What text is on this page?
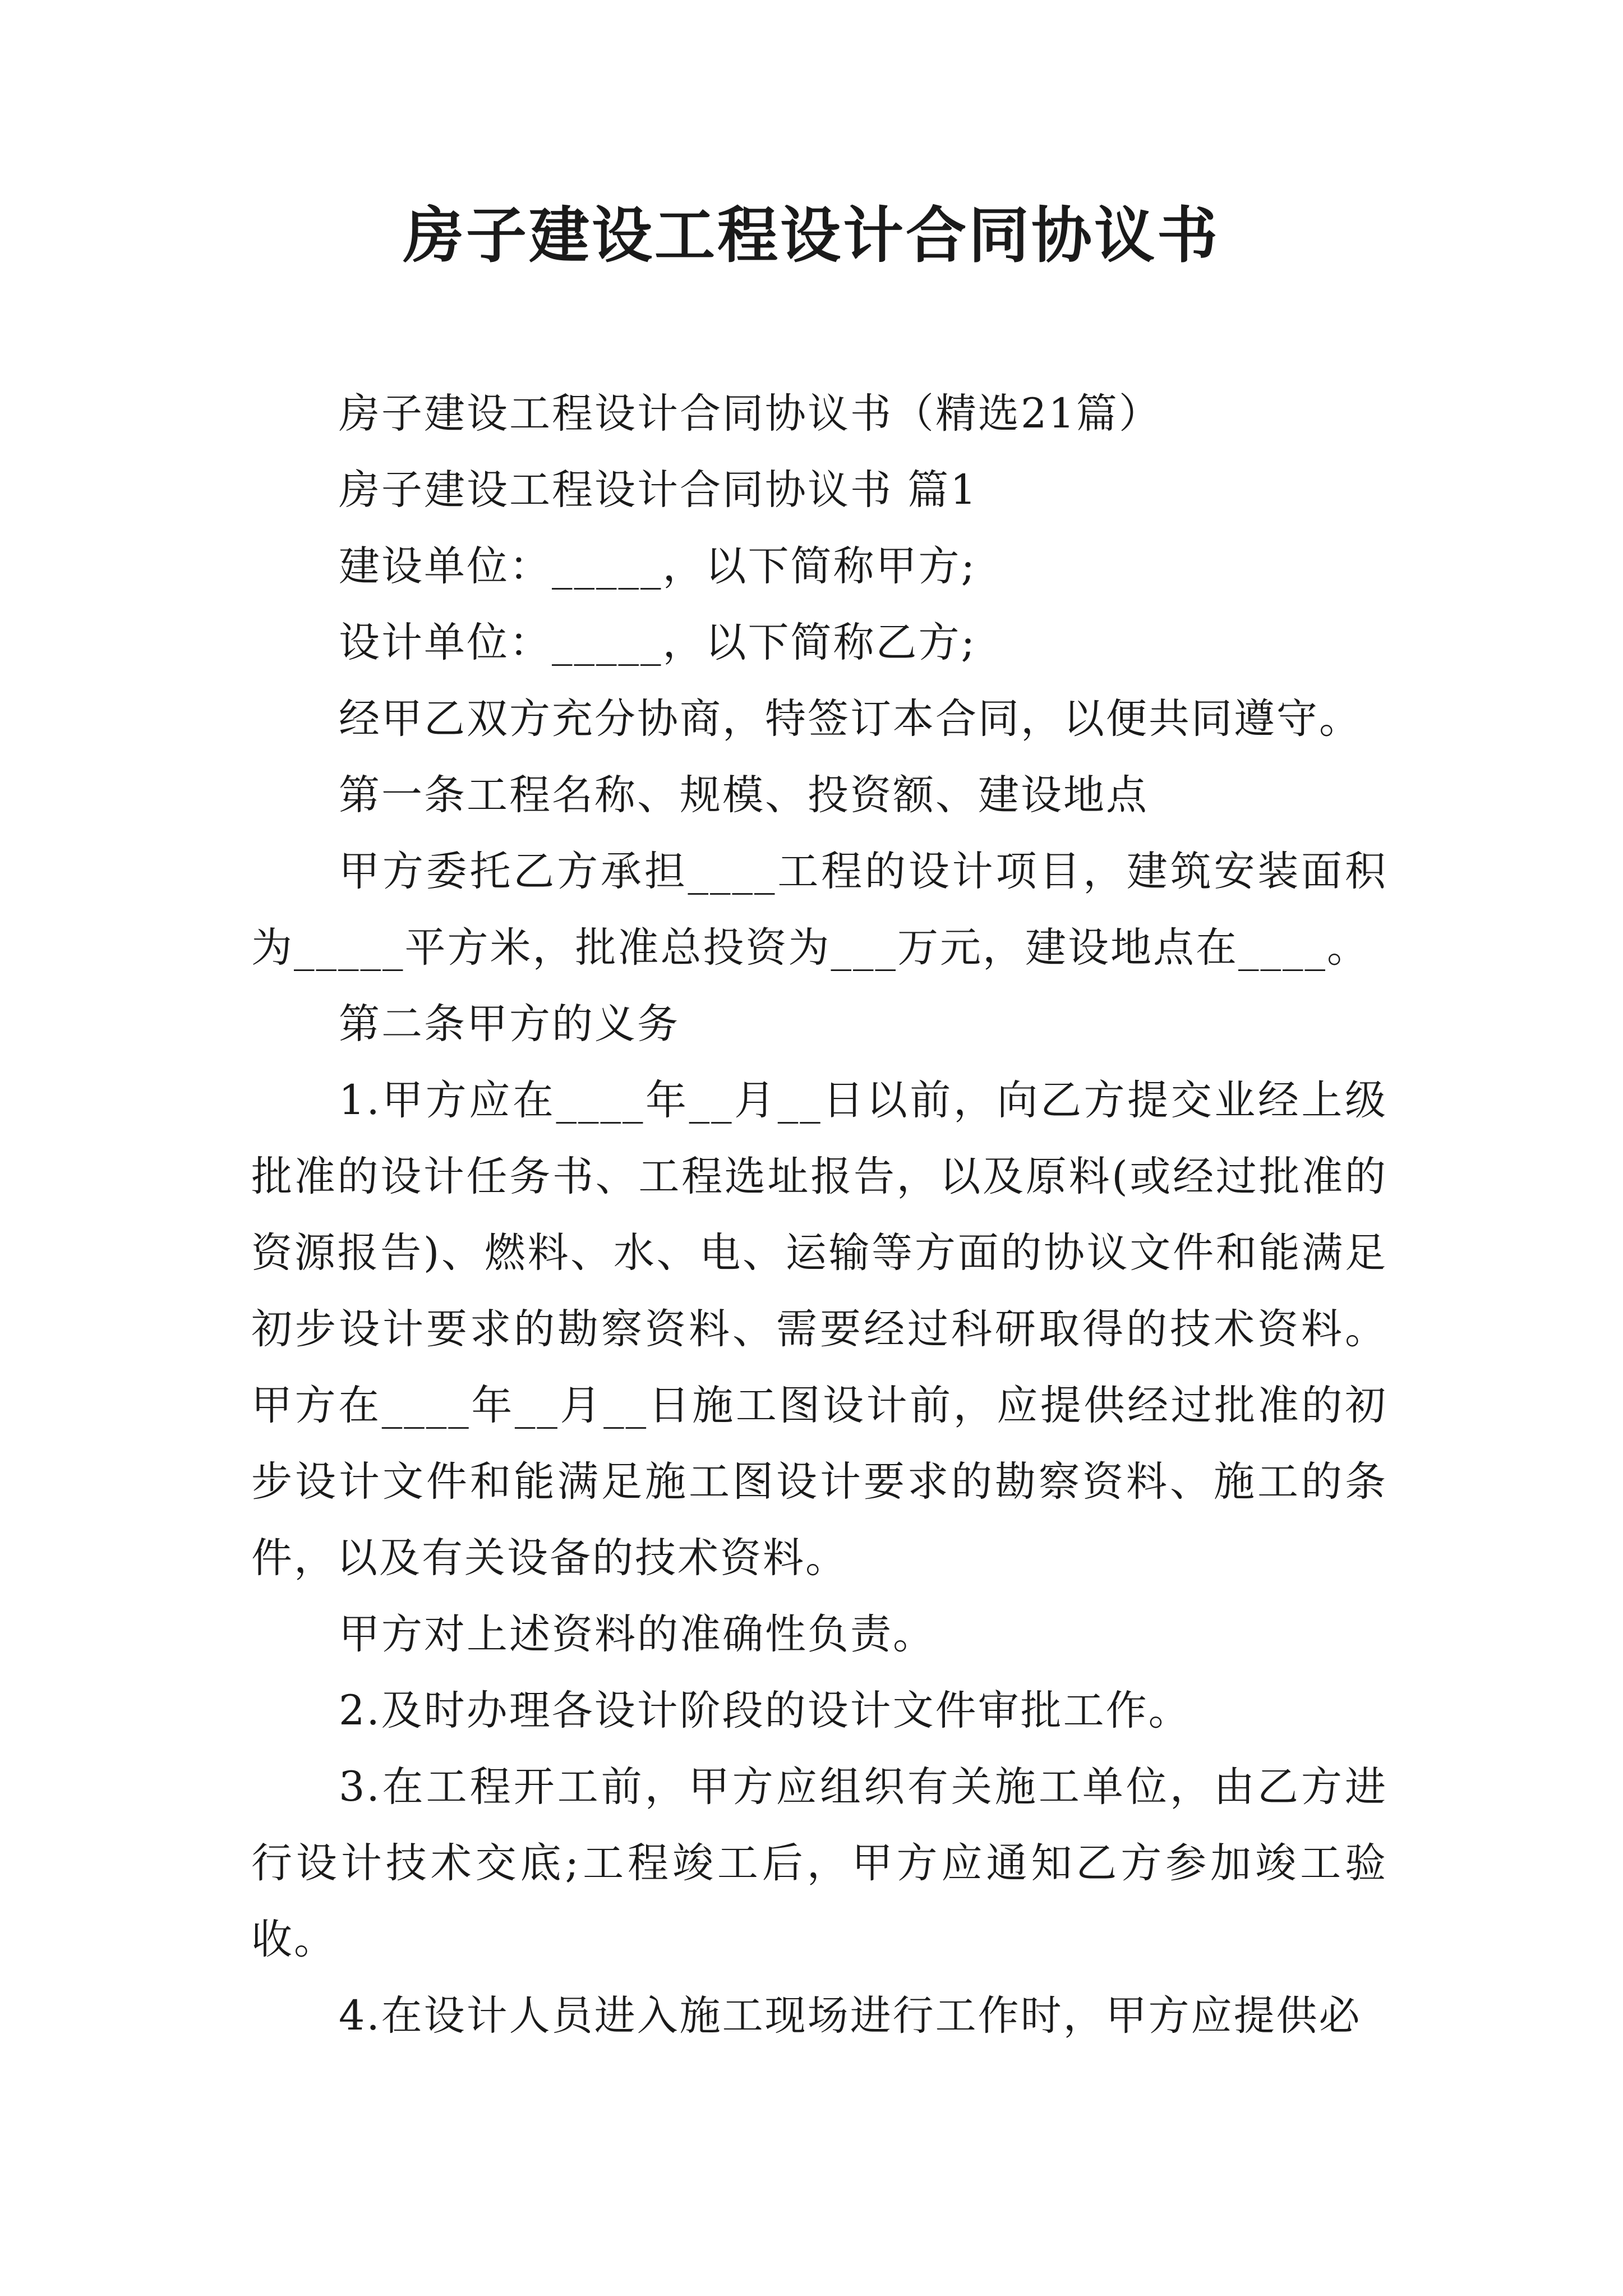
房子建设工程设计合同协议书

房子建设工程设计合同协议书（精选21篇）

房子建设工程设计合同协议书 篇1

建设单位：_____，以下简称甲方;

设计单位：_____，以下简称乙方;

经甲乙双方充分协商，特签订本合同，以便共同遵守。

第一条工程名称、规模、投资额、建设地点

甲方委托乙方承担____工程的设计项目，建筑安装面积为_____平方米，批准总投资为___万元，建设地点在____。

第二条甲方的义务

1.甲方应在____年__月__日以前，向乙方提交业经上级批准的设计任务书、工程选址报告，以及原料(或经过批准的资源报告)、燃料、水、电、运输等方面的协议文件和能满足初步设计要求的勘察资料、需要经过科研取得的技术资料。甲方在____年__月__日施工图设计前，应提供经过批准的初步设计文件和能满足施工图设计要求的勘察资料、施工的条件，以及有关设备的技术资料。

甲方对上述资料的准确性负责。

2.及时办理各设计阶段的设计文件审批工作。

3.在工程开工前，甲方应组织有关施工单位，由乙方进行设计技术交底;工程竣工后，甲方应通知乙方参加竣工验收。

4.在设计人员进入施工现场进行工作时，甲方应提供必
